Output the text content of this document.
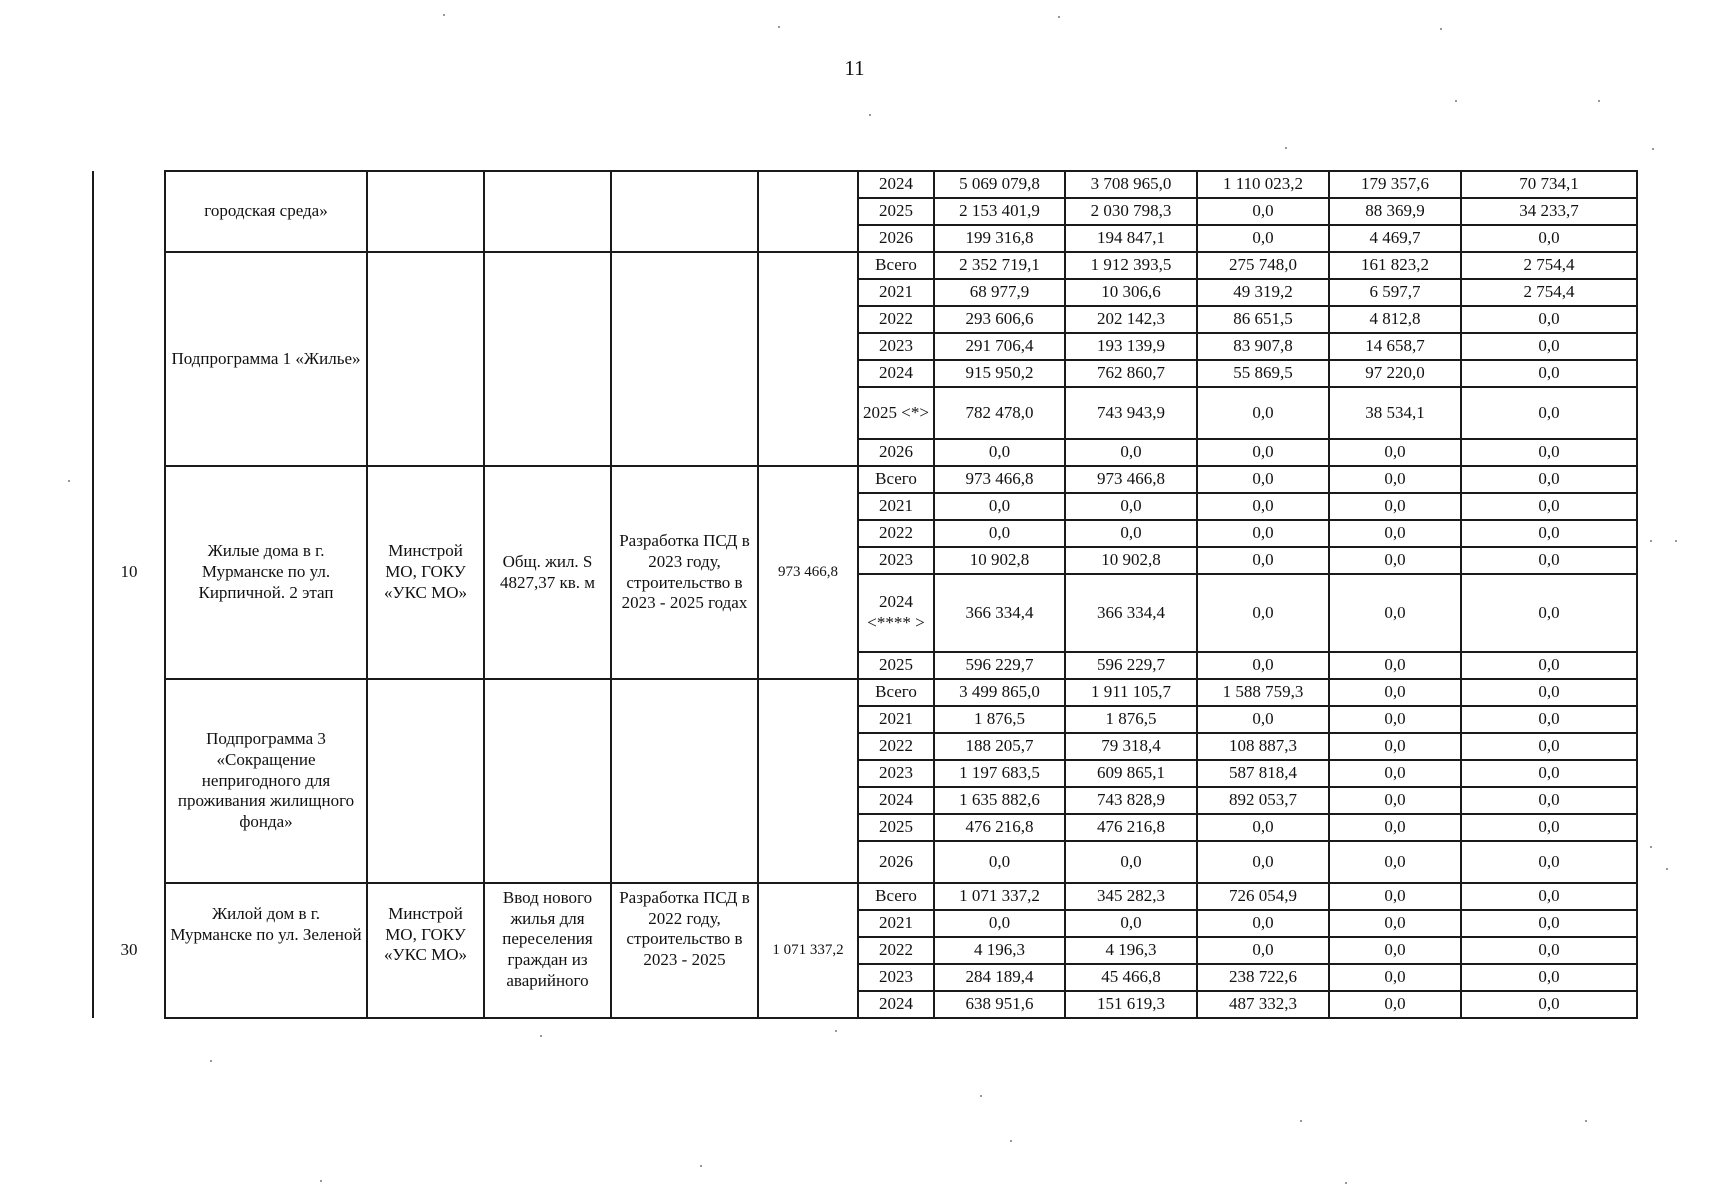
11
	городская среда»					2024	5 069 079,8	3 708 965,0	1 110 023,2	179 357,6	70 734,1
						2025	2 153 401,9	2 030 798,3	0,0	88 369,9	34 233,7
						2026	199 316,8	194 847,1	0,0	4 469,7	0,0
	Подпрограмма 1 «Жилье»					Всего	2 352 719,1	1 912 393,5	275 748,0	161 823,2	2 754,4
						2021	68 977,9	10 306,6	49 319,2	6 597,7	2 754,4
						2022	293 606,6	202 142,3	86 651,5	4 812,8	0,0
						2023	291 706,4	193 139,9	83 907,8	14 658,7	0,0
						2024	915 950,2	762 860,7	55 869,5	97 220,0	0,0
						2025 <*>	782 478,0	743 943,9	0,0	38 534,1	0,0
						2026	0,0	0,0	0,0	0,0	0,0
10	Жилые дома в г. Мурманске по ул. Кирпичной. 2 этап	Минстрой МО, ГОКУ «УКС МО»	Общ. жил. S 4827,37 кв. м	Разработка ПСД в 2023 году, строительство в 2023 - 2025 годах	973 466,8	Всего	973 466,8	973 466,8	0,0	0,0	0,0
						2021	0,0	0,0	0,0	0,0	0,0
						2022	0,0	0,0	0,0	0,0	0,0
						2023	10 902,8	10 902,8	0,0	0,0	0,0
						2024 <**** >	366 334,4	366 334,4	0,0	0,0	0,0
						2025	596 229,7	596 229,7	0,0	0,0	0,0
	Подпрограмма 3 «Сокращение непригодного для проживания жилищного фонда»					Всего	3 499 865,0	1 911 105,7	1 588 759,3	0,0	0,0
						2021	1 876,5	1 876,5	0,0	0,0	0,0
						2022	188 205,7	79 318,4	108 887,3	0,0	0,0
						2023	1 197 683,5	609 865,1	587 818,4	0,0	0,0
						2024	1 635 882,6	743 828,9	892 053,7	0,0	0,0
						2025	476 216,8	476 216,8	0,0	0,0	0,0
						2026	0,0	0,0	0,0	0,0	0,0
30	Жилой дом в г. Мурманске по ул. Зеленой	Минстрой МО, ГОКУ «УКС МО»	Ввод нового жилья для переселения граждан из аварийного	Разработка ПСД в 2022 году, строительство в 2023 - 2025	1 071 337,2	Всего	1 071 337,2	345 282,3	726 054,9	0,0	0,0
						2021	0,0	0,0	0,0	0,0	0,0
						2022	4 196,3	4 196,3	0,0	0,0	0,0
						2023	284 189,4	45 466,8	238 722,6	0,0	0,0
						2024	638 951,6	151 619,3	487 332,3	0,0	0,0
